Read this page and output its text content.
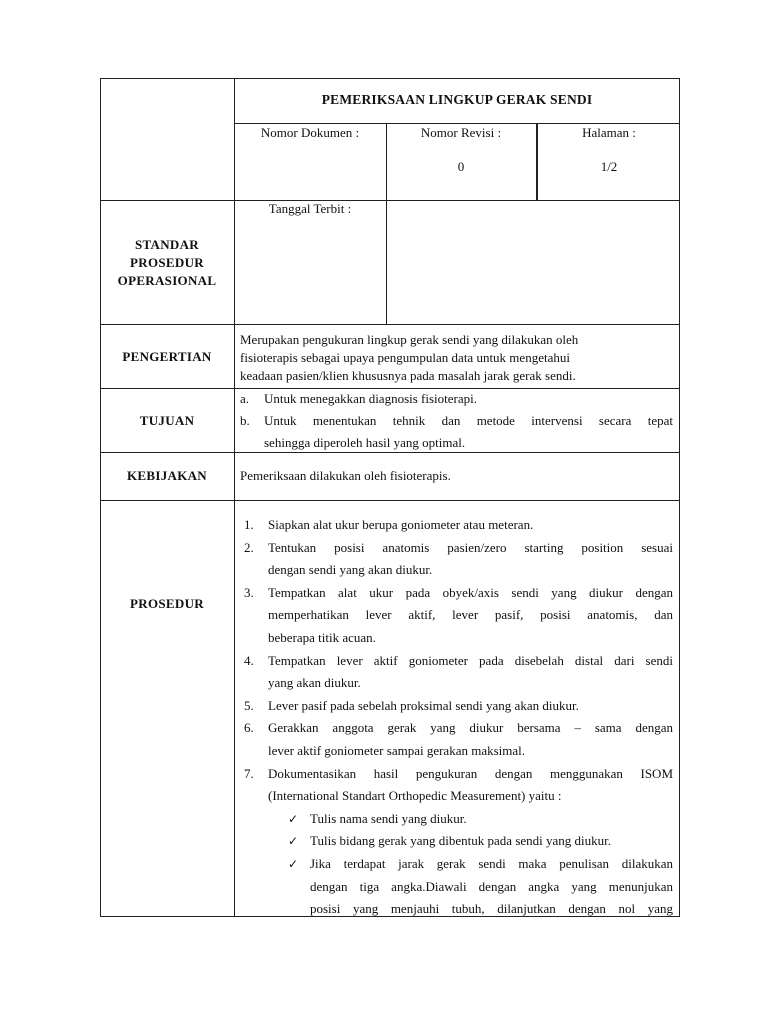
PEMERIKSAAN LINGKUP GERAK SENDI
Nomor Dokumen :	Nomor Revisi :
0
Halaman :
1/2
Tanggal Terbit :
STANDAR
PROSEDUR
OPERASIONAL
PENGERTIAN
Merupakan pengukuran lingkup gerak sendi yang dilakukan oleh
fisioterapis sebagai upaya pengumpulan data untuk mengetahui
keadaan pasien/klien khususnya pada masalah jarak gerak sendi.
TUJUAN
a. Untuk menegakkan diagnosis fisioterapi.
b. Untuk menentukan tehnik dan metode intervensi secara tepat
sehingga diperoleh hasil yang optimal.
KEBIJAKAN	Pemeriksaan dilakukan oleh fisioterapis.
PROSEDUR
1. Siapkan alat ukur berupa goniometer atau meteran.
2. Tentukan posisi anatomis pasien/zero starting position sesuai
dengan sendi yang akan diukur.
3. Tempatkan alat ukur pada obyek/axis sendi yang diukur dengan
memperhatikan lever aktif, lever pasif, posisi anatomis, dan
beberapa titik acuan.
4. Tempatkan lever aktif goniometer pada disebelah distal dari sendi
yang akan diukur.
5. Lever pasif pada sebelah proksimal sendi yang akan diukur.
6. Gerakkan anggota gerak yang diukur bersama – sama dengan
lever aktif goniometer sampai gerakan maksimal.
7. Dokumentasikan hasil pengukuran dengan menggunakan ISOM
(International Standart Orthopedic Measurement) yaitu :
✓ Tulis nama sendi yang diukur.
✓ Tulis bidang gerak yang dibentuk pada sendi yang diukur.
✓ Jika terdapat jarak gerak sendi maka penulisan dilakukan
dengan tiga angka.Diawali dengan angka yang menunjukan
posisi yang menjauhi tubuh, dilanjutkan dengan nol yang
